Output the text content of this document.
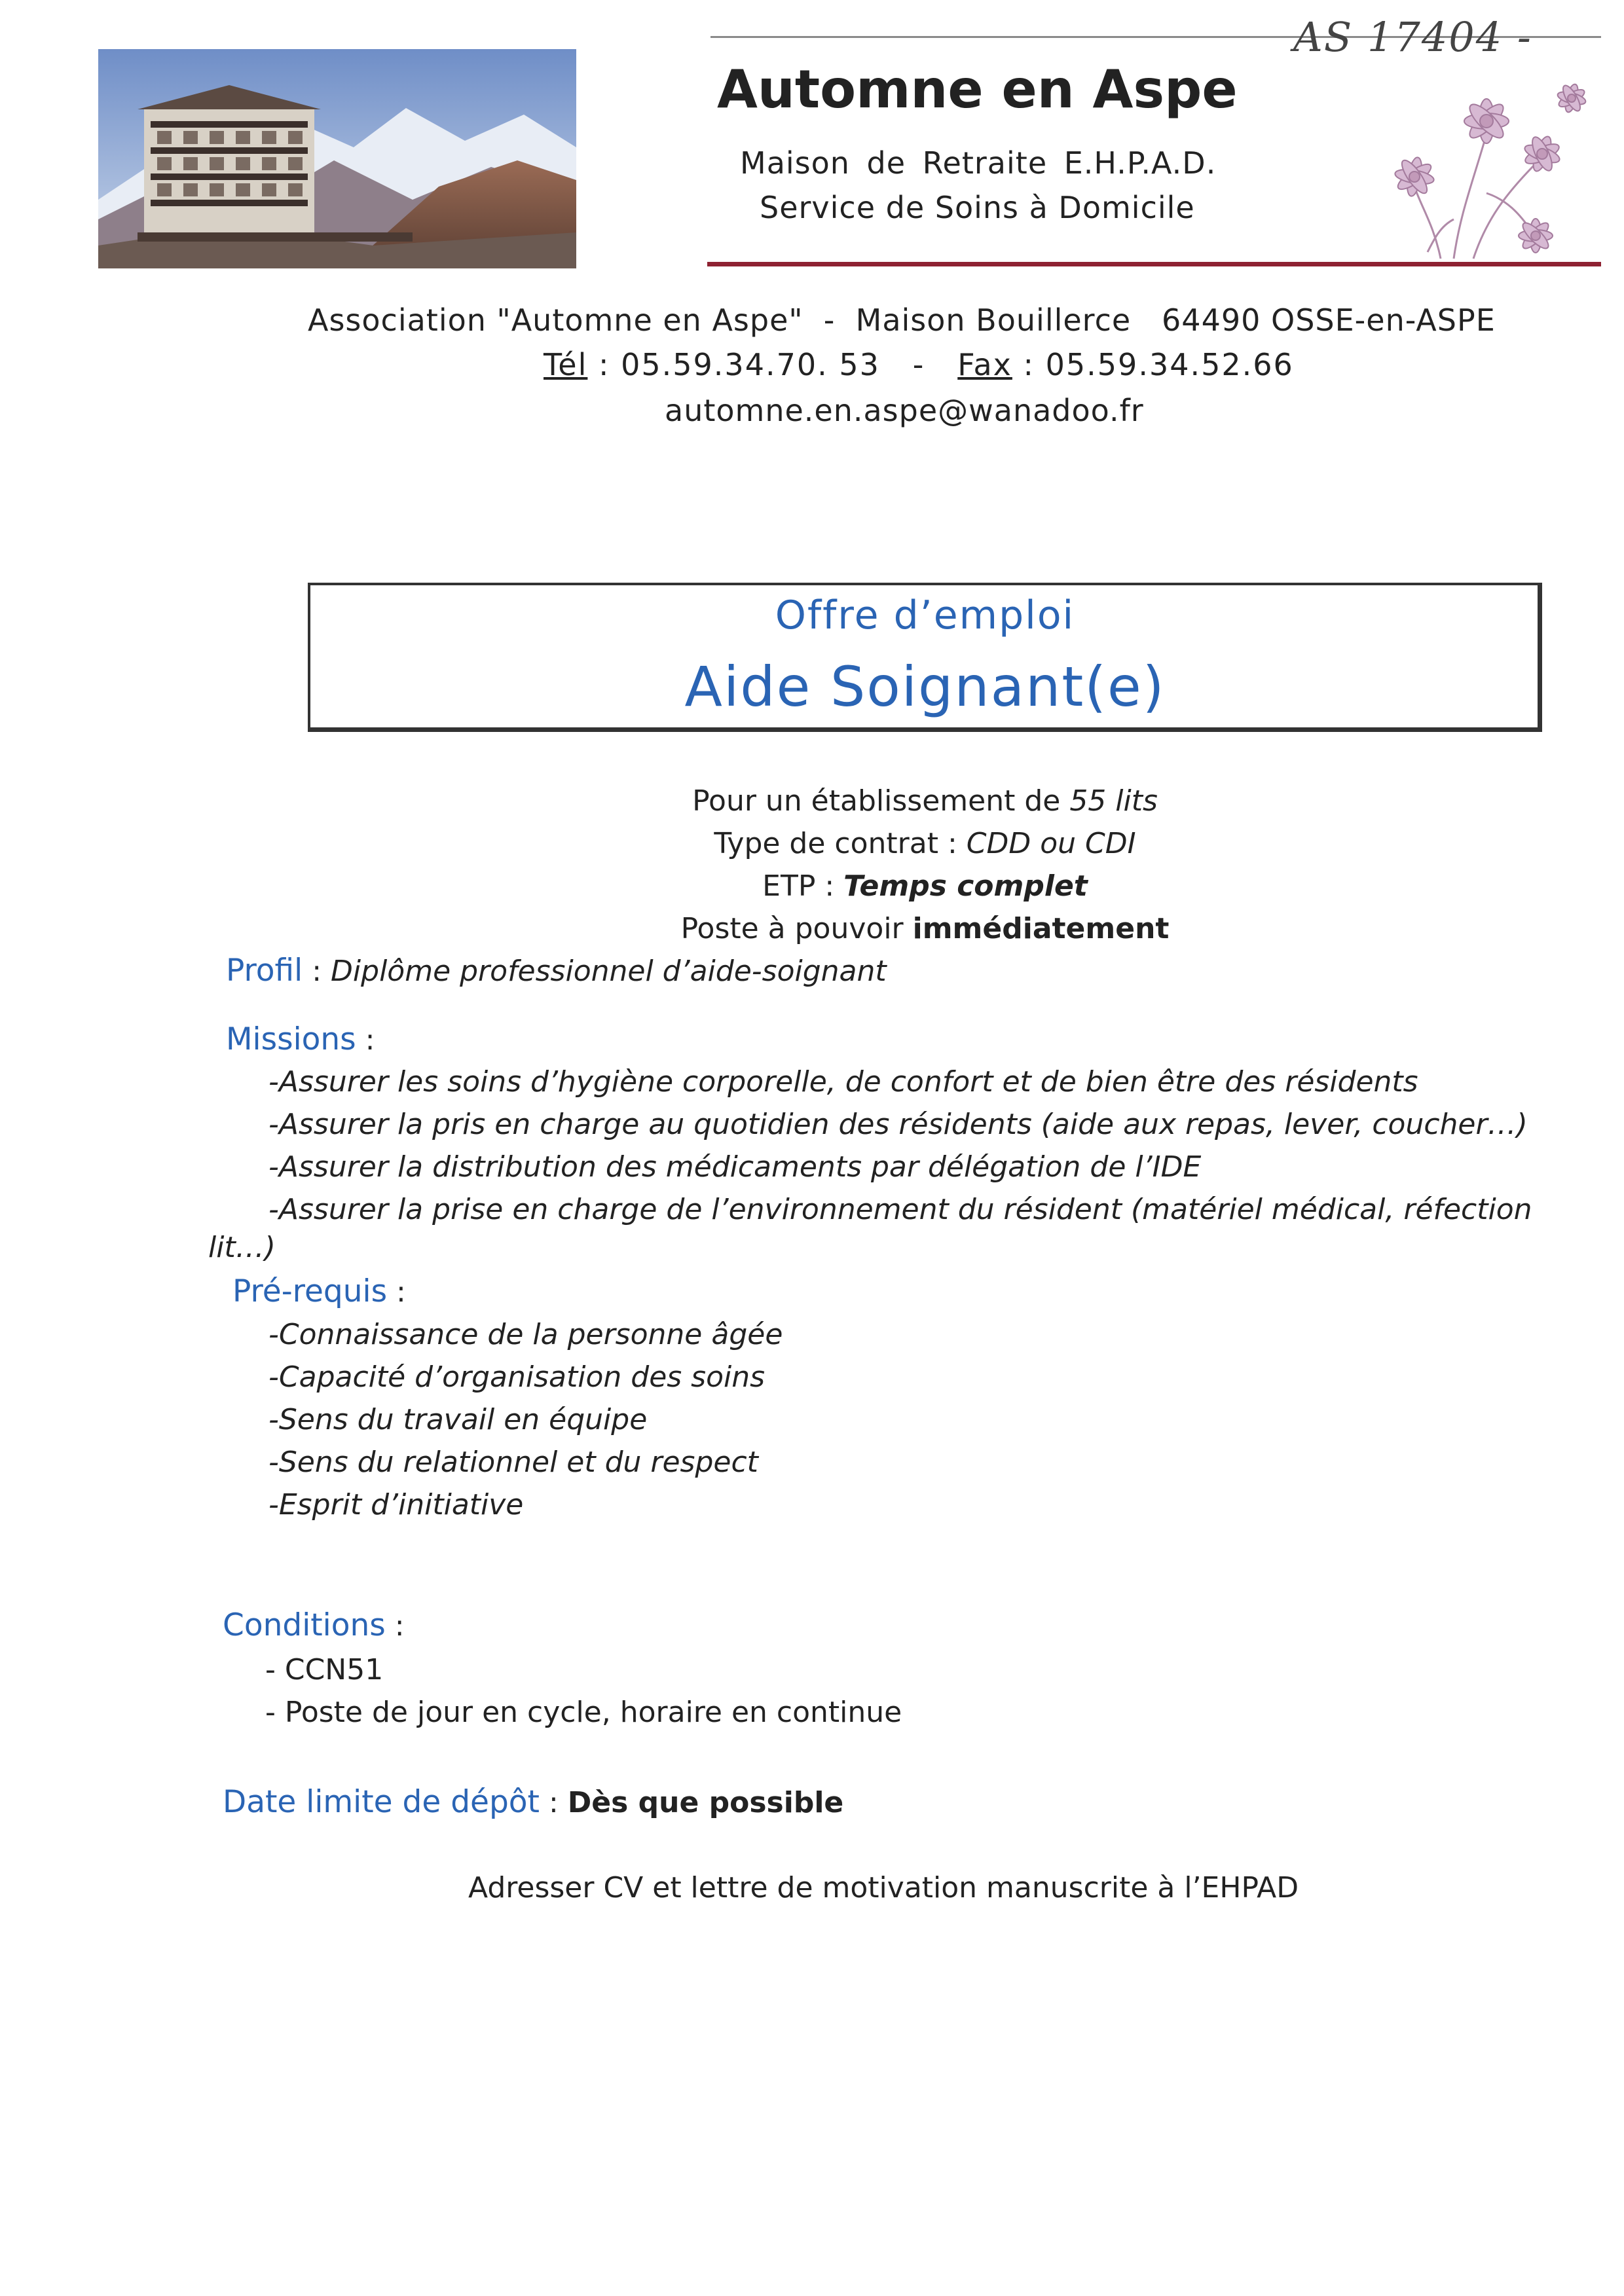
AS 17404 -
Automne en Aspe
Maison de Retraite E.H.P.A.D.
Service de Soins à Domicile
Association "Automne en Aspe"  -  Maison Bouillerce   64490 OSSE-en-ASPE
Tél : 05.59.34.70. 53   -   Fax : 05.59.34.52.66
automne.en.aspe@wanadoo.fr
Offre d’emploi
Aide Soignant(e)
Pour un établissement de 55 lits
Type de contrat : CDD ou CDI
ETP : Temps complet
Poste à pouvoir immédiatement
Profil : Diplôme professionnel d’aide-soignant
Missions :
-Assurer les soins d’hygiène corporelle, de confort et de bien être des résidents
-Assurer la pris en charge au quotidien des résidents (aide aux repas, lever, coucher…)
-Assurer la distribution des médicaments par délégation de l’IDE
-Assurer la prise en charge de l’environnement du résident (matériel médical, réfection
lit…)
Pré-requis :
-Connaissance de la personne âgée
-Capacité d’organisation des soins
-Sens du travail en équipe
-Sens du relationnel et du respect
-Esprit d’initiative
Conditions :
- CCN51
- Poste de jour en cycle, horaire en continue
Date limite de dépôt : Dès que possible
Adresser CV et lettre de motivation manuscrite à l’EHPAD
